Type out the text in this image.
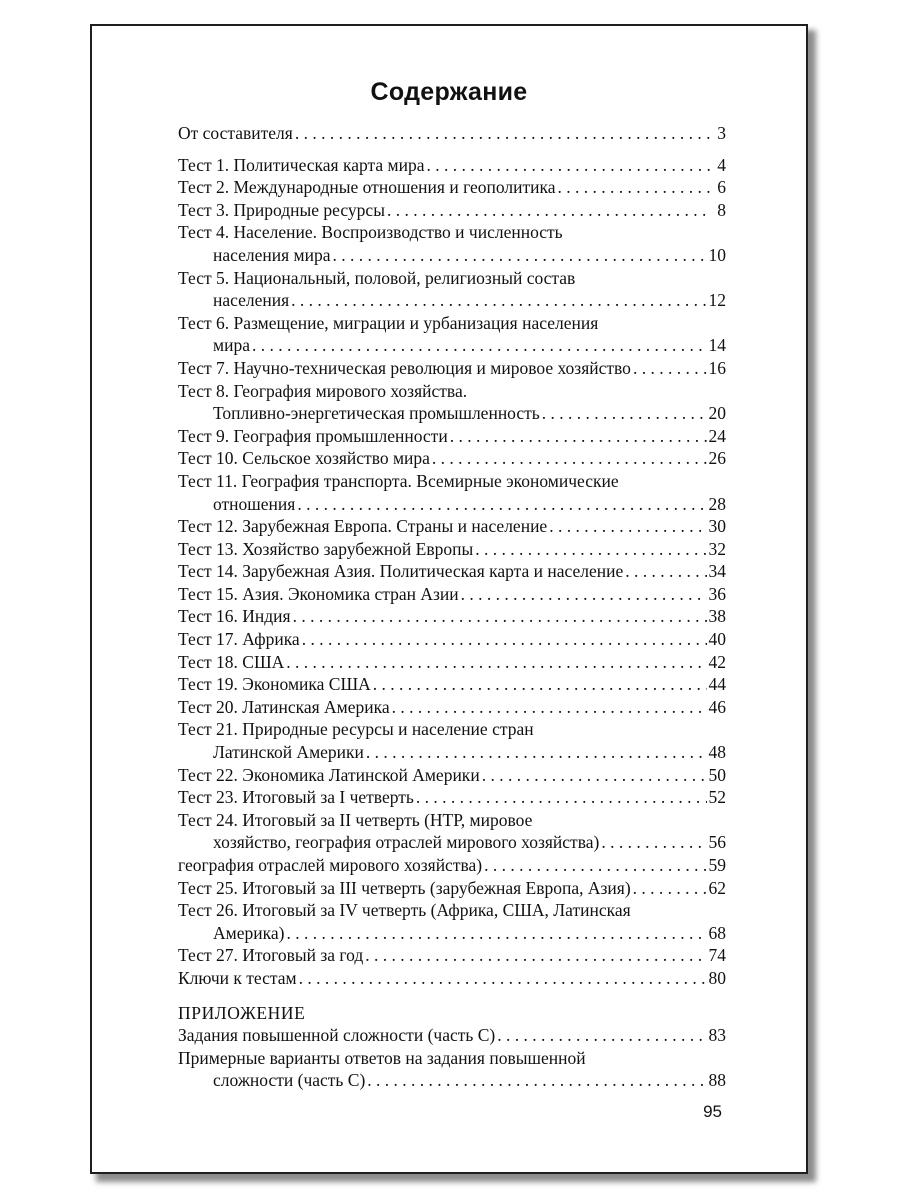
Содержание
От составителя . . .	3
Тест 1. Политическая карта мира . . .	4
Тест 2. Международные отношения и геополитика . . .	6
Тест 3. Природные ресурсы . . .	8
Тест 4. Население. Воспроизводство и численность
населения мира . . .	10
Тест 5. Национальный, половой, религиозный состав
населения . . .	12
Тест 6. Размещение, миграции и урбанизация населения
мира . . .	14
Тест 7. Научно-техническая революция и мировое хозяйство . . .	16
Тест 8. География мирового хозяйства.
Топливно-энергетическая промышленность . . .	20
Тест 9. География промышленности . . .	24
Тест 10. Сельское хозяйство мира . . .	26
Тест 11. География транспорта. Всемирные экономические
отношения . . .	28
Тест 12. Зарубежная Европа. Страны и население . . .	30
Тест 13. Хозяйство зарубежной Европы . . .	32
Тест 14. Зарубежная Азия. Политическая карта и население . . .	34
Тест 15. Азия. Экономика стран Азии . . .	36
Тест 16. Индия . . .	38
Тест 17. Африка . . .	40
Тест 18. США . . .	42
Тест 19. Экономика США . . .	44
Тест 20. Латинская Америка . . .	46
Тест 21. Природные ресурсы и население стран
Латинской Америки . . .	48
Тест 22. Экономика Латинской Америки . . .	50
Тест 23. Итоговый за I четверть . . .	52
Тест 24. Итоговый за II четверть (НТР, мировое
хозяйство, география отраслей мирового хозяйства) . . .	56
география отраслей мирового хозяйства) . . .	59
Тест 25. Итоговый за III четверть (зарубежная Европа, Азия) . . .	62
Тест 26. Итоговый за IV четверть (Африка, США, Латинская
Америка) . . .	68
Тест 27. Итоговый за год . . .	74
Ключи к тестам . . .	80
ПРИЛОЖЕНИЕ
Задания повышенной сложности (часть С) . . .	83
Примерные варианты ответов на задания повышенной
сложности (часть С) . . .	88
95
